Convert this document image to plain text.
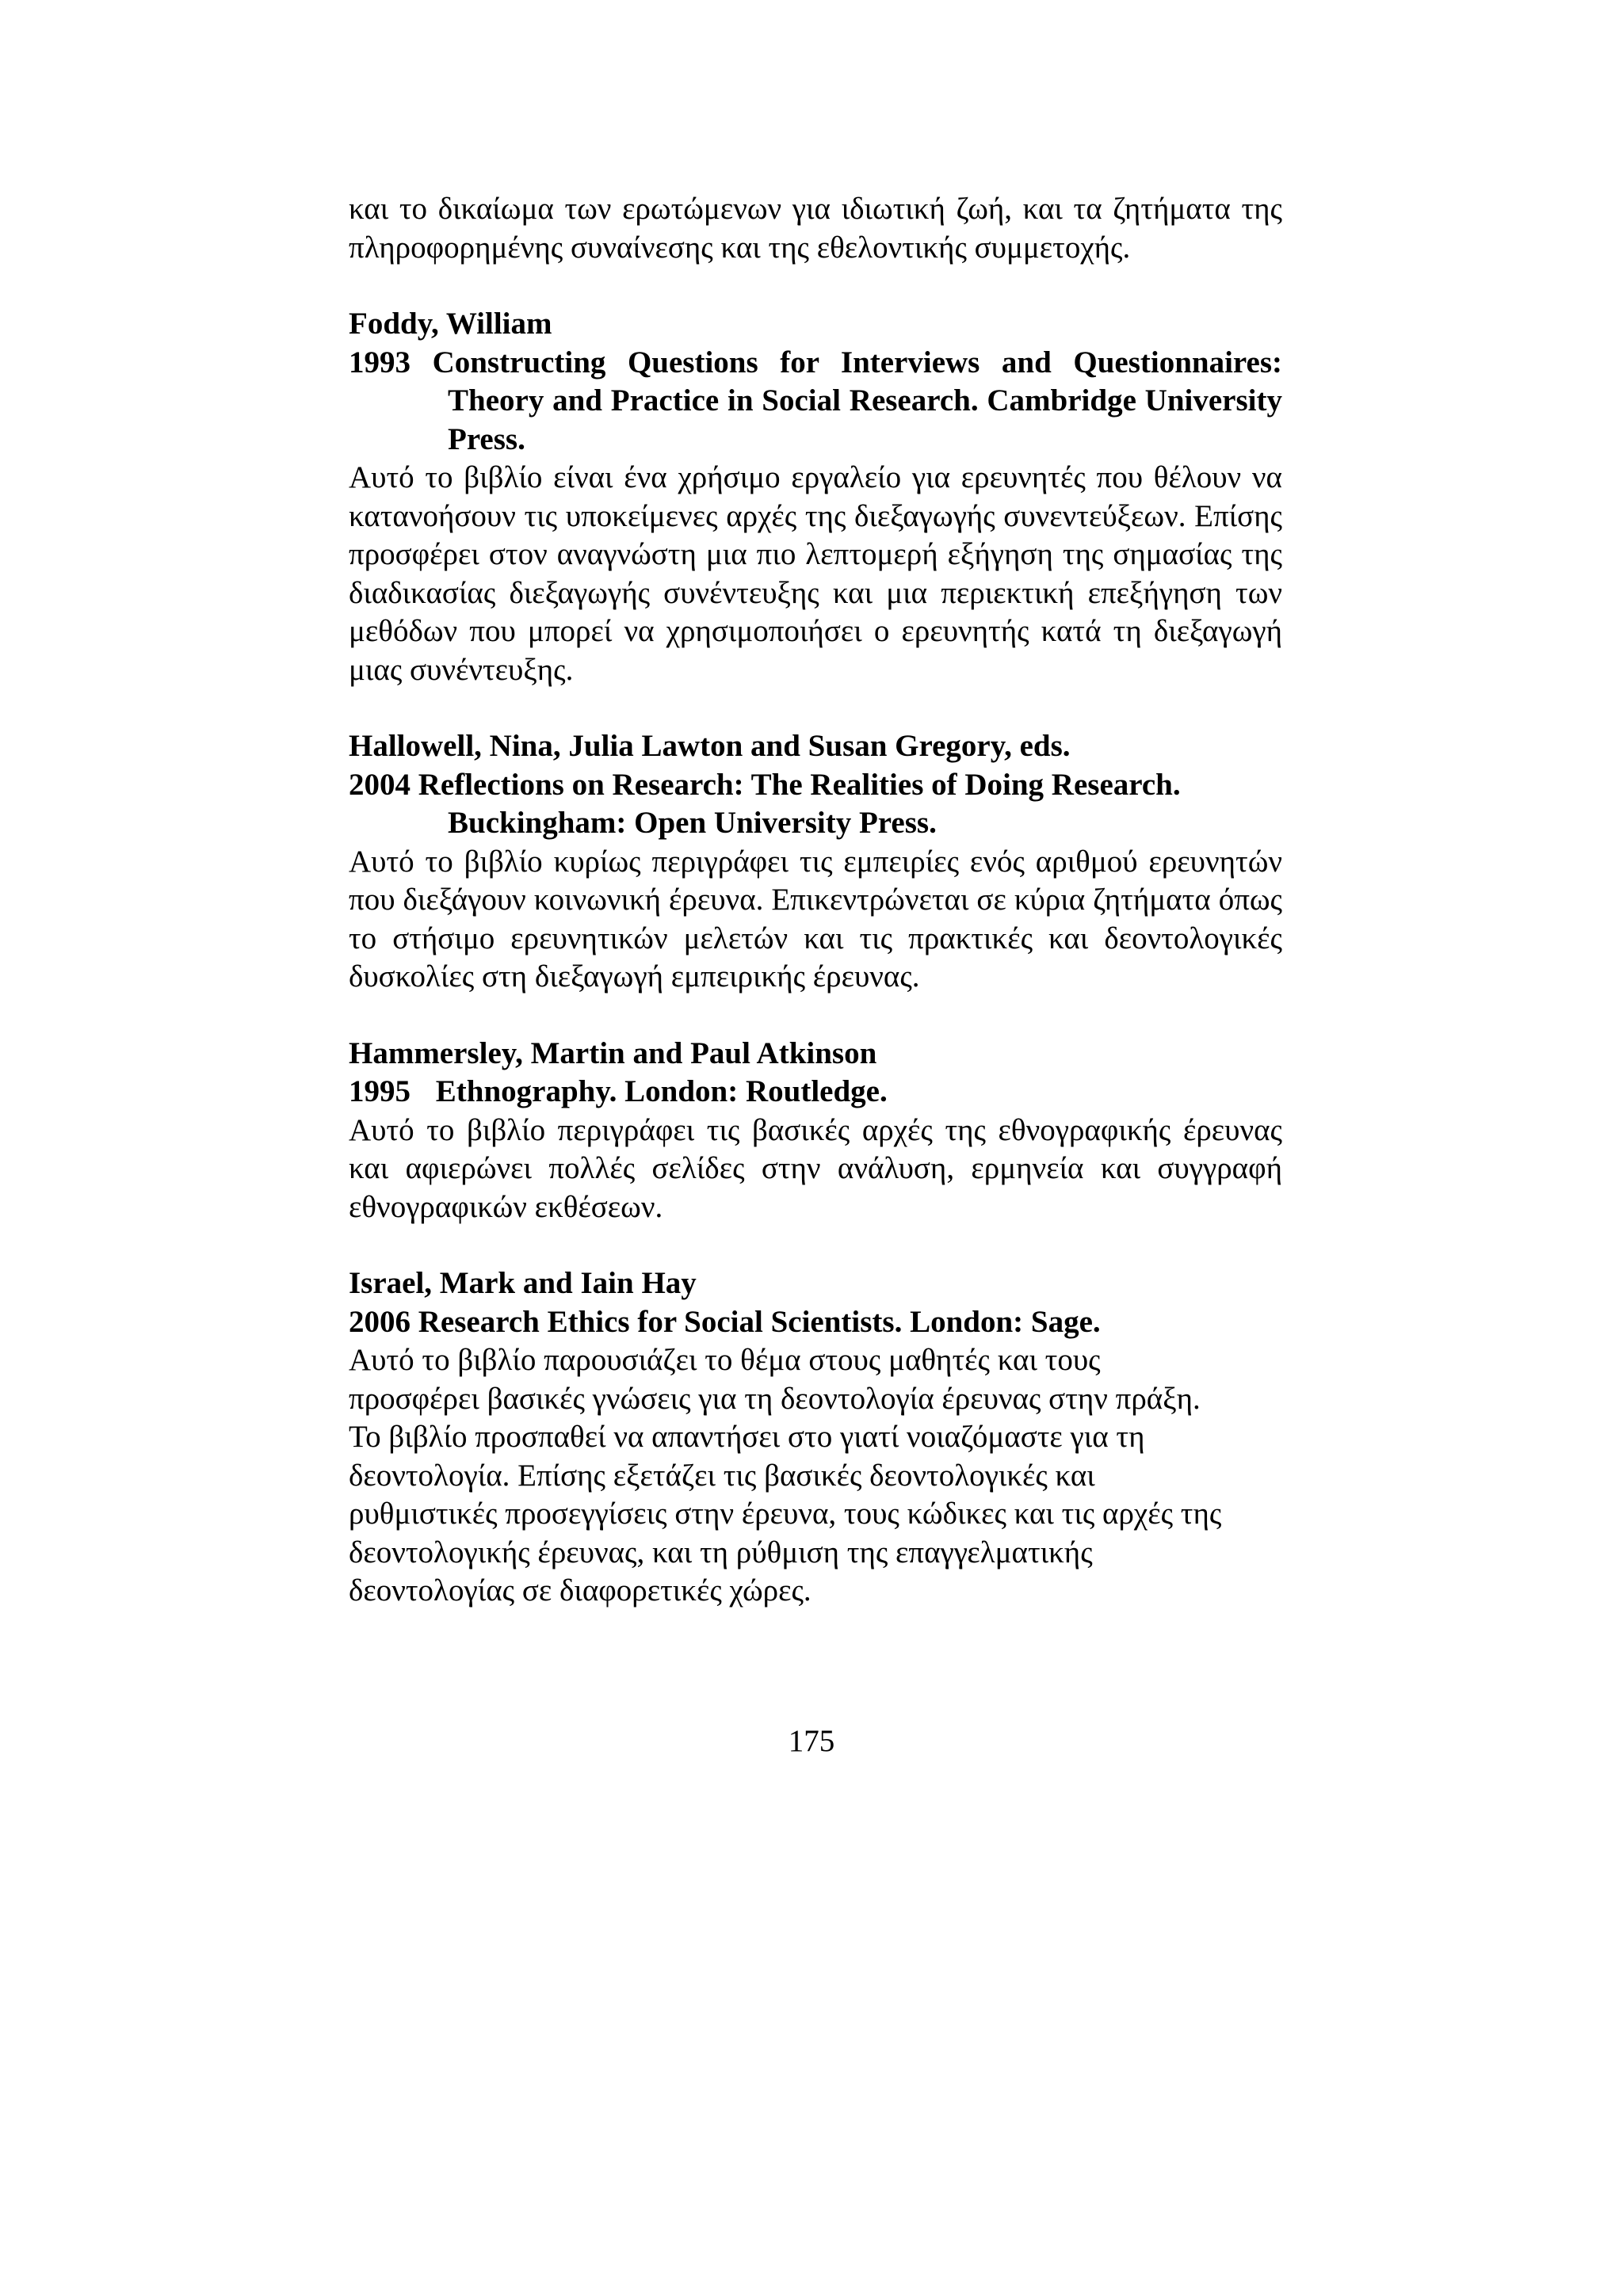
και το δικαίωμα των ερωτώμενων για ιδιωτική ζωή, και τα ζητήματα της πληροφορημένης συναίνεσης και της εθελοντικής συμμετοχής.

Foddy, William

1993 Constructing Questions for Interviews and Questionnaires: Theory and Practice in Social Research. Cambridge University Press.

Αυτό το βιβλίο είναι ένα χρήσιμο εργαλείο για ερευνητές που θέλουν να κατανοήσουν τις υποκείμενες αρχές της διεξαγωγής συνεντεύξεων. Επίσης προσφέρει στον αναγνώστη μια πιο λεπτομερή εξήγηση της σημασίας της διαδικασίας διεξαγωγής συνέντευξης και μια περιεκτική επεξήγηση των μεθόδων που μπορεί να χρησιμοποιήσει ο ερευνητής κατά τη διεξαγωγή μιας συνέντευξης.

Hallowell, Nina, Julia Lawton and Susan Gregory, eds.

2004 Reflections on Research: The Realities of Doing Research. Buckingham: Open University Press.

Αυτό το βιβλίο κυρίως περιγράφει τις εμπειρίες ενός αριθμού ερευνητών που διεξάγουν κοινωνική έρευνα. Επικεντρώνεται σε κύρια ζητήματα όπως το στήσιμο ερευνητικών μελετών και τις πρακτικές και δεοντολογικές δυσκολίες στη διεξαγωγή εμπειρικής έρευνας.

Hammersley, Martin and Paul Atkinson

1995 Ethnography. London: Routledge.

Αυτό το βιβλίο περιγράφει τις βασικές αρχές της εθνογραφικής έρευνας και αφιερώνει πολλές σελίδες στην ανάλυση, ερμηνεία και συγγραφή εθνογραφικών εκθέσεων.

Israel, Mark and Iain Hay

2006 Research Ethics for Social Scientists. London: Sage.

Αυτό το βιβλίο παρουσιάζει το θέμα στους μαθητές και τους

προσφέρει βασικές γνώσεις για τη δεοντολογία έρευνας στην πράξη.

Το βιβλίο προσπαθεί να απαντήσει στο γιατί νοιαζόμαστε για τη

δεοντολογία. Επίσης εξετάζει τις βασικές δεοντολογικές και

ρυθμιστικές προσεγγίσεις στην έρευνα, τους κώδικες και τις αρχές της

δεοντολογικής έρευνας, και τη ρύθμιση της επαγγελματικής

δεοντολογίας σε διαφορετικές χώρες.

175
